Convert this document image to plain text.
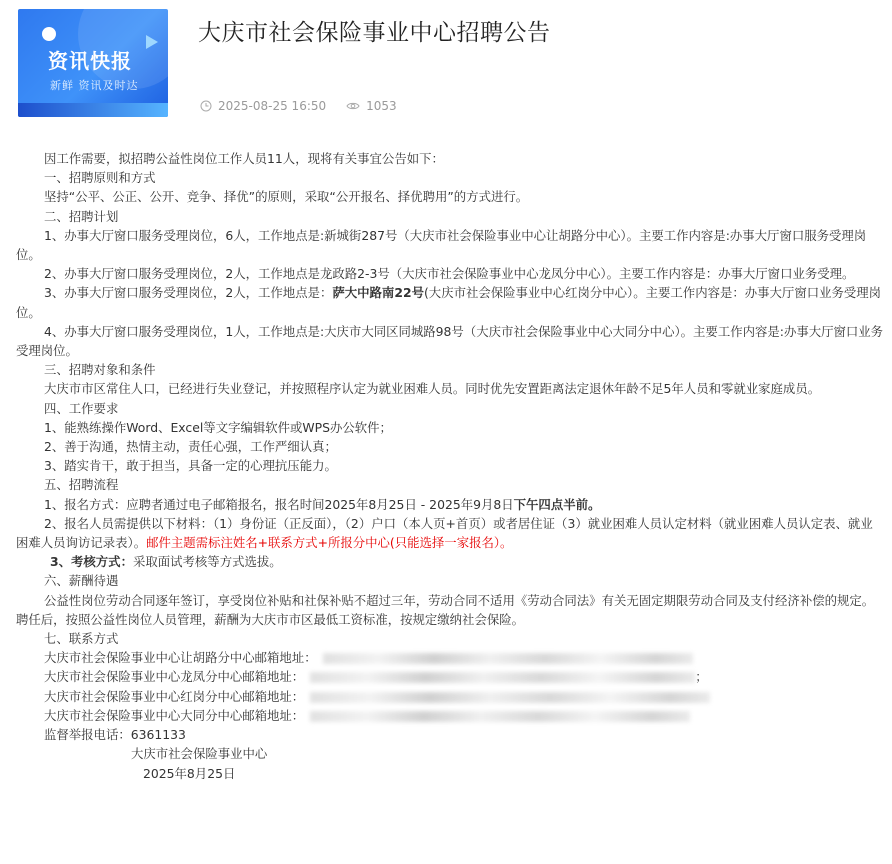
资讯快报
新鲜 资讯及时达
大庆市社会保险事业中心招聘公告
2025-08-25 16:50	1053

因工作需要，拟招聘公益性岗位工作人员11人，现将有关事宜公告如下：

一、招聘原则和方式

坚持“公平、公正、公开、竞争、择优”的原则，采取“公开报名、择优聘用”的方式进行。

二、招聘计划

1、办事大厅窗口服务受理岗位，6人，工作地点是:新城街287号（大庆市社会保险事业中心让胡路分中心）。主要工作内容是:办事大厅窗口服务受理岗位。

2、办事大厅窗口服务受理岗位，2人，工作地点是龙政路2-3号（大庆市社会保险事业中心龙凤分中心）。主要工作内容是：办事大厅窗口业务受理。

3、办事大厅窗口服务受理岗位，2人，工作地点是：萨大中路南22号(大庆市社会保险事业中心红岗分中心）。主要工作内容是：办事大厅窗口业务受理岗位。

4、办事大厅窗口服务受理岗位，1人，工作地点是:大庆市大同区同城路98号（大庆市社会保险事业中心大同分中心）。主要工作内容是:办事大厅窗口业务受理岗位。

三、招聘对象和条件

大庆市市区常住人口，已经进行失业登记，并按照程序认定为就业困难人员。同时优先安置距离法定退休年龄不足5年人员和零就业家庭成员。

四、工作要求

1、能熟练操作Word、Excel等文字编辑软件或WPS办公软件；

2、善于沟通，热情主动，责任心强，工作严细认真；

3、踏实肯干，敢于担当，具备一定的心理抗压能力。

五、招聘流程

1、报名方式：应聘者通过电子邮箱报名，报名时间2025年8月25日 - 2025年9月8日下午四点半前。

2、报名人员需提供以下材料：（1）身份证（正反面），（2）户口（本人页+首页）或者居住证（3）就业困难人员认定材料（就业困难人员认定表、就业困难人员询访记录表）。邮件主题需标注姓名+联系方式+所报分中心(只能选择一家报名）。

3、考核方式：采取面试考核等方式选拔。

六、薪酬待遇

公益性岗位劳动合同逐年签订，享受岗位补贴和社保补贴不超过三年，劳动合同不适用《劳动合同法》有关无固定期限劳动合同及支付经济补偿的规定。聘任后，按照公益性岗位人员管理，薪酬为大庆市市区最低工资标准，按规定缴纳社会保险。

七、联系方式

大庆市社会保险事业中心让胡路分中心邮箱地址：

大庆市社会保险事业中心龙凤分中心邮箱地址：	；

大庆市社会保险事业中心红岗分中心邮箱地址：

大庆市社会保险事业中心大同分中心邮箱地址：

监督举报电话：6361133

大庆市社会保险事业中心

2025年8月25日
